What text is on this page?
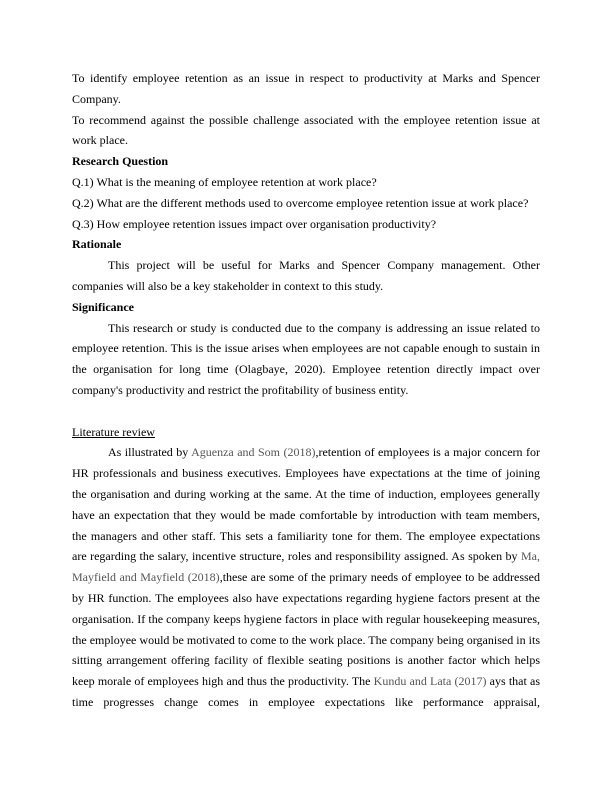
To identify employee retention as an issue in respect to productivity at Marks and Spencer Company.

To recommend against the possible challenge associated with the employee retention issue at work place.

Research Question

Q.1) What is the meaning of employee retention at work place?

Q.2) What are the different methods used to overcome employee retention issue at work place?

Q.3) How employee retention issues impact over organisation productivity?

Rationale

This project will be useful for Marks and Spencer Company management. Other companies will also be a key stakeholder in context to this study.

Significance

This research or study is conducted due to the company is addressing an issue related to employee retention. This is the issue arises when employees are not capable enough to sustain in the organisation for long time (Olagbaye, 2020). Employee retention directly impact over company's productivity and restrict the profitability of business entity.

Literature review

As illustrated by Aguenza and Som (2018),retention of employees is a major concern for HR professionals and business executives. Employees have expectations at the time of joining the organisation and during working at the same. At the time of induction, employees generally have an expectation that they would be made comfortable by introduction with team members, the managers and other staff. This sets a familiarity tone for them. The employee expectations are regarding the salary, incentive structure, roles and responsibility assigned. As spoken by Ma, Mayfield and Mayfield (2018),these are some of the primary needs of employee to be addressed by HR function. The employees also have expectations regarding hygiene factors present at the organisation. If the company keeps hygiene factors in place with regular housekeeping measures, the employee would be motivated to come to the work place. The company being organised in its sitting arrangement offering facility of flexible seating positions is another factor which helps keep morale of employees high and thus the productivity. The Kundu and Lata (2017) ays that as time progresses change comes in employee expectations like performance appraisal,
